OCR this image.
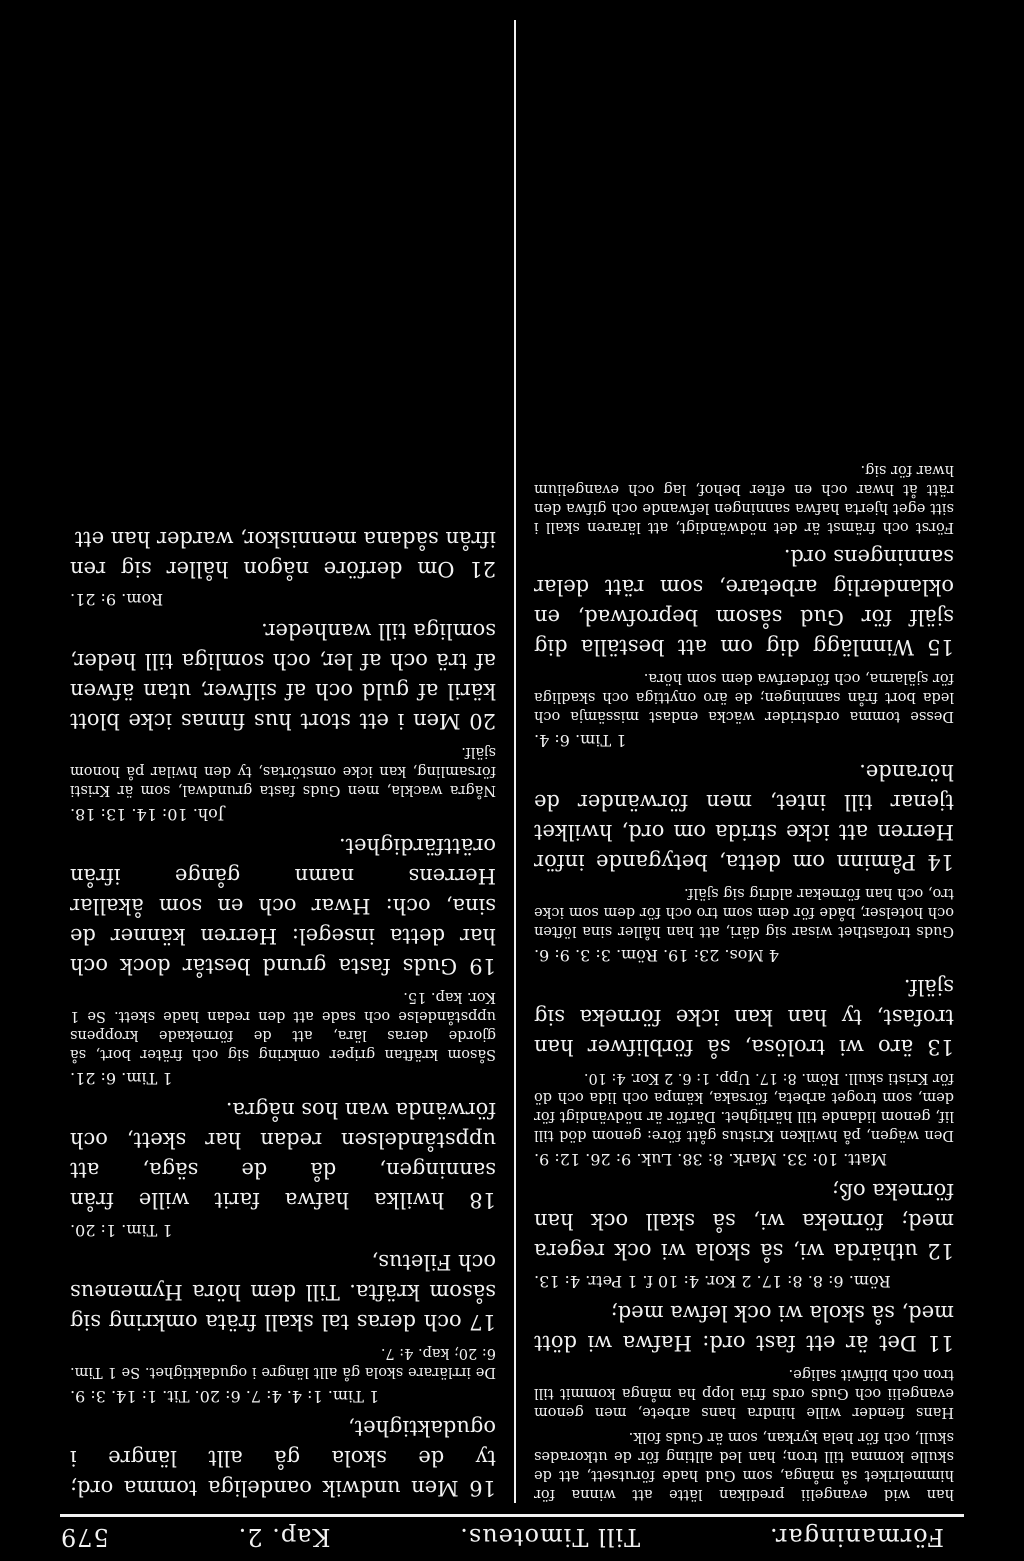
Förmaningar.
Till Timoteus.
Kap. 2.
579

han wid evangelii predikan lätte att winna för himmelriket så många, som Gud hade förutsett, att de skulle komma till tron; han led allting för de utkorades skull, och för hela kyrkan, som är Guds folk.

Hans fiender wille hindra hans arbete, men genom evangelii och Guds ords fria lopp ha många kommit till tron och blifwit salige.

11 Det är ett fast ord: Hafwa wi dött med, så skola wi ock lefwa med;

Röm. 6: 8. 8: 17. 2 Kor. 4: 10 f. 1 Petr. 4: 13.

12 uthärda wi, så skola wi ock regera med; förneka wi, så skall ock han förneka oß;

Matt. 10: 33. Mark. 8: 38. Luk. 9: 26. 12: 9.

Den wägen, på hwilken Kristus gått före: genom död till lif, genom lidande till härlighet. Därför är nödvändigt för dem, som troget arbeta, försaka, kämpa och lida och dö för Kristi skull. Röm. 8: 17. Upp. 1: 6. 2 Kor. 4: 10.

13 äro wi trolösa, så förblifwer han trofast, ty han kan icke förneka sig själf.

4 Mos. 23: 19. Röm. 3: 3. 9: 6.

Guds trofasthet wisar sig däri, att han håller sina löften och hotelser, både för dem som tro och för dem som icke tro, och han förnekar aldrig sig själf.

14 Påminn om detta, betygande inför Herren att icke strida om ord, hwilket tjenar till intet, men förwänder de hörande.

1 Tim. 6: 4.

Desse tomma ordstrider wäcka endast missämja och leda bort från sanningen; de äro onyttiga och skadliga för själarna, och förderfwa dem som höra.

15 Winnlägg dig om att beställa dig själf för Gud såsom beprofwad, en oklanderlig arbetare, som rätt delar sanningens ord.

Först och främst är det nödwändigt, att läraren skall i sitt eget hjerta hafwa sanningen lefwande och gifwa den rätt åt hwar och en efter behof, lag och evangelium hwar för sig.

16 Men undwik oandeliga tomma ord; ty de skola gå allt längre i ogudaktighet,

1 Tim. 1: 4. 4: 7. 6: 20. Tit. 1: 14. 3: 9.

De irrlärare skola gå allt längre i ogudaktighet. Se 1 Tim. 6: 20; kap. 4: 7.

17 och deras tal skall fräta omkring sig såsom kräfta. Till dem höra Hymeneus och Filetus,

1 Tim. 1: 20.

18 hwilka hafwa farit wille från sanningen, då de säga, att uppståndelsen redan har skett, och förwända wan hos några.

1 Tim. 6: 21.

Såsom kräftan griper omkring sig och fräter bort, så gjorde deras lära, att de förnekade kroppens uppståndelse och sade att den redan hade skett. Se 1 Kor. kap. 15.

19 Guds fasta grund består dock och har detta insegel: Herren känner de sina, och: Hwar och en som åkallar Herrens namn gånge ifrån orättfärdighet.

Joh. 10: 14. 13: 18.

Några wackla, men Guds fasta grundwal, som är Kristi församling, kan icke omstörtas, ty den hwilar på honom själf.

20 Men i ett stort hus finnas icke blott käril af guld och af silfwer, utan äfwen af trä och af ler, och somliga till heder, somliga till wanheder.

Rom. 9: 21.

21 Om derföre någon håller sig ren ifrån sådana menniskor, warder han ett
